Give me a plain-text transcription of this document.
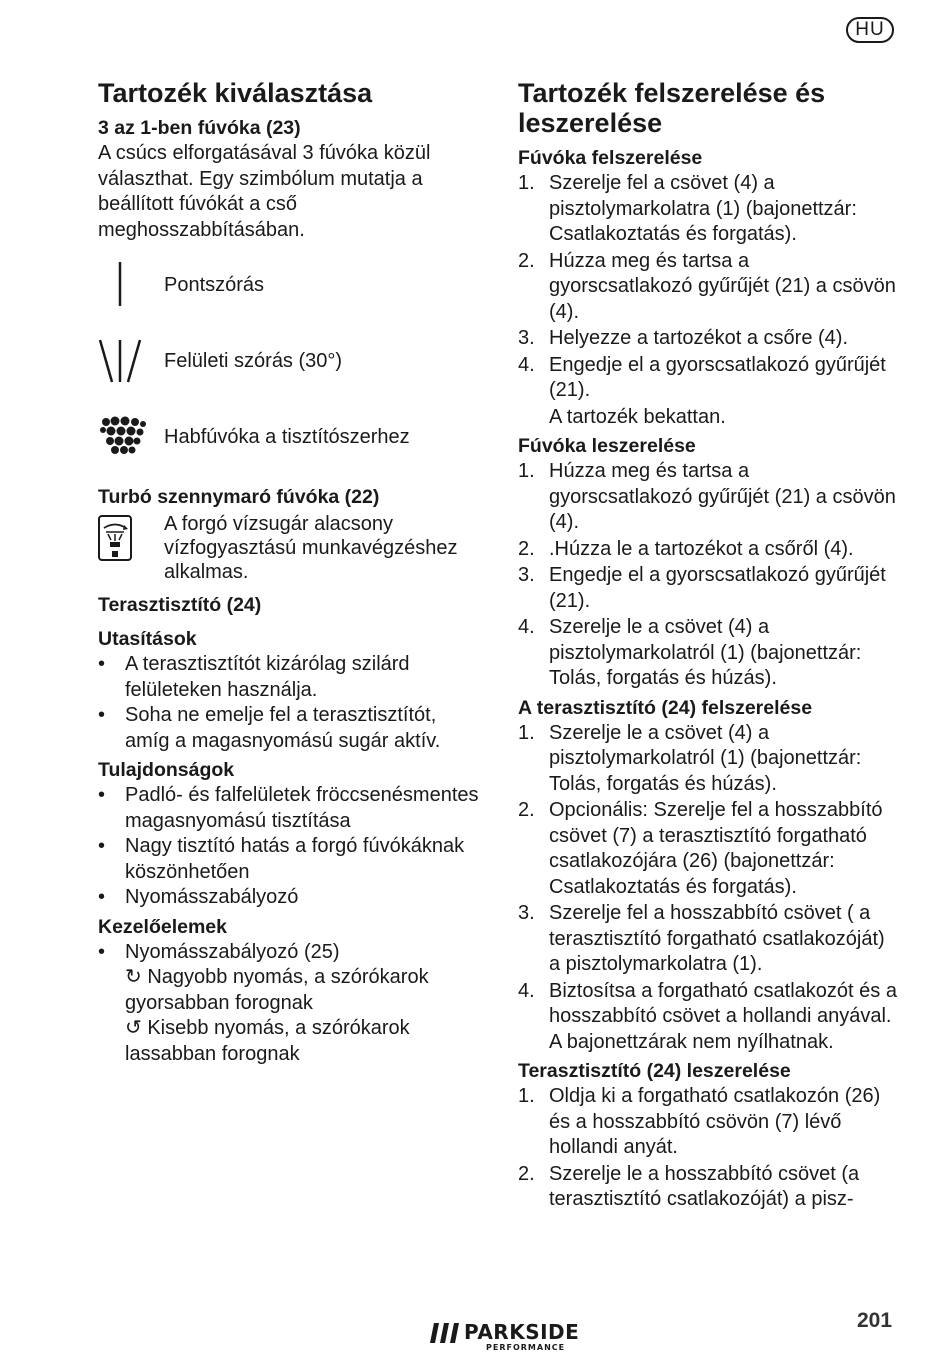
HU
Tartozék kiválasztása
3 az 1-ben fúvóka (23)

A csúcs elforgatásával 3 fúvóka közül választhat. Egy szimbólum mutatja a beállított fúvókát a cső meghosszabbításában.

Pontszórás
Felületi szórás (30°)
Habfúvóka a tisztítószerhez
Turbó szennymaró fúvóka (22)
A forgó vízsugár alacsony vízfogyasztású munkavégzéshez alkalmas.
Terasztisztító (24)
Utasítások
• A terasztisztítót kizárólag szilárd felületeken használja.
• Soha ne emelje fel a terasztisztítót, amíg a magasnyomású sugár aktív.
Tulajdonságok
• Padló- és falfelületek fröccsenésmentes magasnyomású tisztítása
• Nagy tisztító hatás a forgó fúvókáknak köszönhetően
• Nyomásszabályozó
Kezelőelemek
• Nyomásszabályozó (25)
↻ Nagyobb nyomás, a szórókarok gyorsabban forognak
↺ Kisebb nyomás, a szórókarok lassabban forognak
Tartozék felszerelése és leszerelése
Fúvóka felszerelése
1. Szerelje fel a csövet (4) a pisztolymarkolatra (1) (bajonettzár: Csatlakoztatás és forgatás).
2. Húzza meg és tartsa a gyorscsatlakozó gyűrűjét (21) a csövön (4).
3. Helyezze a tartozékot a csőre (4).
4. Engedje el a gyorscsatlakozó gyűrűjét (21).
A tartozék bekattan.
Fúvóka leszerelése
1. Húzza meg és tartsa a gyorscsatlakozó gyűrűjét (21) a csövön (4).
2. .Húzza le a tartozékot a csőről (4).
3. Engedje el a gyorscsatlakozó gyűrűjét (21).
4. Szerelje le a csövet (4) a pisztolymarkolatról (1) (bajonettzár: Tolás, forgatás és húzás).
A terasztisztító (24) felszerelése
1. Szerelje le a csövet (4) a pisztolymarkolatról (1) (bajonettzár: Tolás, forgatás és húzás).
2. Opcionális: Szerelje fel a hosszabbító csövet (7) a terasztisztító forgatható csatlakozójára (26) (bajonettzár: Csatlakoztatás és forgatás).
3. Szerelje fel a hosszabbító csövet ( a terasztisztító forgatható csatlakozóját) a pisztolymarkolatra (1).
4. Biztosítsa a forgatható csatlakozót és a hosszabbító csövet a hollandi anyával. A bajonettzárak nem nyílhatnak.
Terasztisztító (24) leszerelése
1. Oldja ki a forgatható csatlakozón (26) és a hosszabbító csövön (7) lévő hollandi anyát.
2. Szerelje le a hosszabbító csövet (a terasztisztító csatlakozóját) a pisz-
PARKSIDE
PERFORMANCE
201
